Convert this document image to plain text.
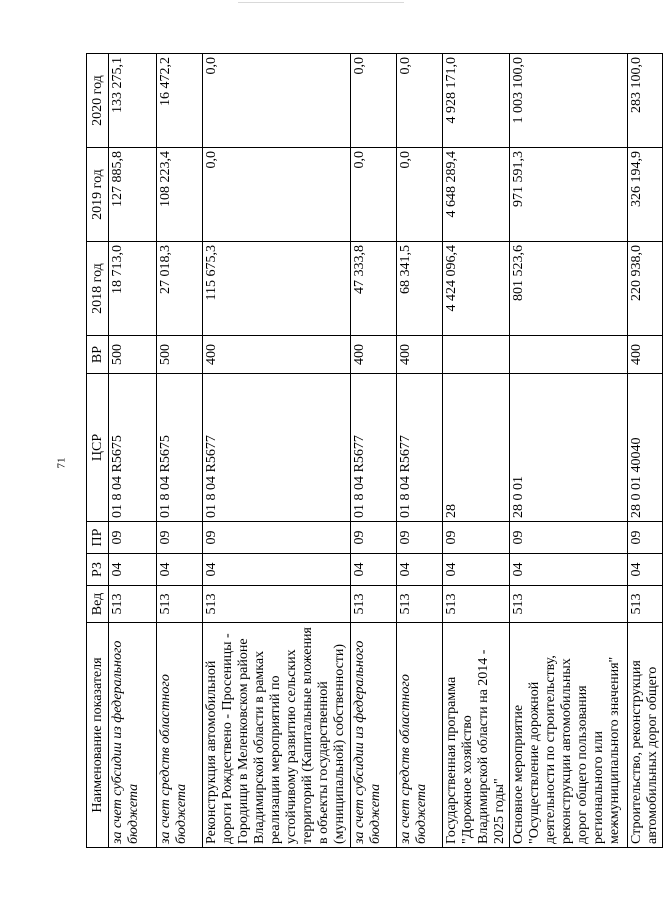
71
Наименование показателя	Вед	РЗ	ПР	ЦСР	ВР	2018 год	2019 год	2020 год
за счет субсидии из федерального бюджета	513	04	09	01 8 04 R5675	500	18 713,0	127 885,8	133 275,1
за счет средств областного бюджета	513	04	09	01 8 04 R5675	500	27 018,3	108 223,4	16 472,2
Реконструкция автомобильной дороги Рождествено - Просеницы - Городищи в Меленковском районе Владимирской области в рамках реализации мероприятий по устойчивому развитию сельских территорий (Капитальные вложения в объекты государственной (муниципальной) собственности)	513	04	09	01 8 04 R5677	400	115 675,3	0,0	0,0
за счет субсидии из федерального бюджета	513	04	09	01 8 04 R5677	400	47 333,8	0,0	0,0
за счет средств областного бюджета	513	04	09	01 8 04 R5677	400	68 341,5	0,0	0,0
Государственная программа "Дорожное хозяйство Владимирской области на 2014 - 2025 годы"	513	04	09	28		4 424 096,4	4 648 289,4	4 928 171,0
Основное мероприятие "Осуществление дорожной деятельности по строительству, реконструкции автомобильных дорог общего пользования регионального или межмуниципального значения"	513	04	09	28 0 01		801 523,6	971 591,3	1 003 100,0
Строительство, реконструкция автомобильных дорог общего	513	04	09	28 0 01 40040	400	220 938,0	326 194,9	283 100,0
